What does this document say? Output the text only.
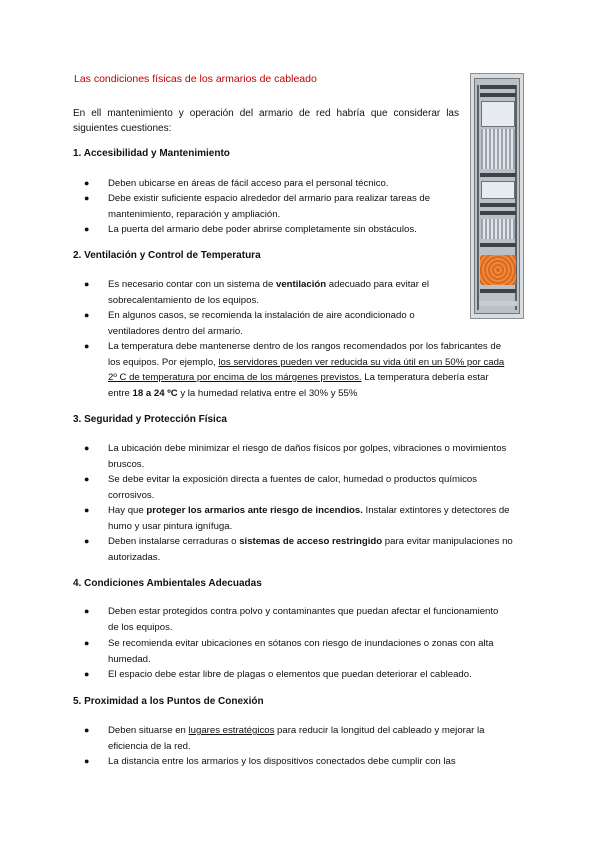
Las condiciones físicas de los armarios de cableado
En ell mantenimiento y operación del armario de red habría que considerar las siguientes cuestiones:
1. Accesibilidad y Mantenimiento
● Deben ubicarse en áreas de fácil acceso para el personal técnico.
● Debe existir suficiente espacio alrededor del armario para realizar tareas de
mantenimiento, reparación y ampliación.
● La puerta del armario debe poder abrirse completamente sin obstáculos.
2. Ventilación y Control de Temperatura
● Es necesario contar con un sistema de ventilación adecuado para evitar el
sobrecalentamiento de los equipos.
● En algunos casos, se recomienda la instalación de aire acondicionado o
ventiladores dentro del armario.
● La temperatura debe mantenerse dentro de los rangos recomendados por los fabricantes de
los equipos. Por ejemplo, los servidores pueden ver reducida su vida útil en un 50% por cada
2º C de temperatura por encima de los márgenes previstos. La temperatura debería estar
entre 18 a 24 ºC y la humedad relativa entre el 30% y 55%
3. Seguridad y Protección Física
● La ubicación debe minimizar el riesgo de daños físicos por golpes, vibraciones o movimientos
bruscos.
● Se debe evitar la exposición directa a fuentes de calor, humedad o productos químicos
corrosivos.
● Hay que proteger los armarios ante riesgo de incendios. Instalar extintores y detectores de
humo y usar pintura ignífuga.
● Deben instalarse cerraduras o sistemas de acceso restringido para evitar manipulaciones no
autorizadas.
4. Condiciones Ambientales Adecuadas
● Deben estar protegidos contra polvo y contaminantes que puedan afectar el funcionamiento
de los equipos.
● Se recomienda evitar ubicaciones en sótanos con riesgo de inundaciones o zonas con alta
humedad.
● El espacio debe estar libre de plagas o elementos que puedan deteriorar el cableado.
5. Proximidad a los Puntos de Conexión
● Deben situarse en lugares estratégicos para reducir la longitud del cableado y mejorar la
eficiencia de la red.
● La distancia entre los armarios y los dispositivos conectados debe cumplir con las
